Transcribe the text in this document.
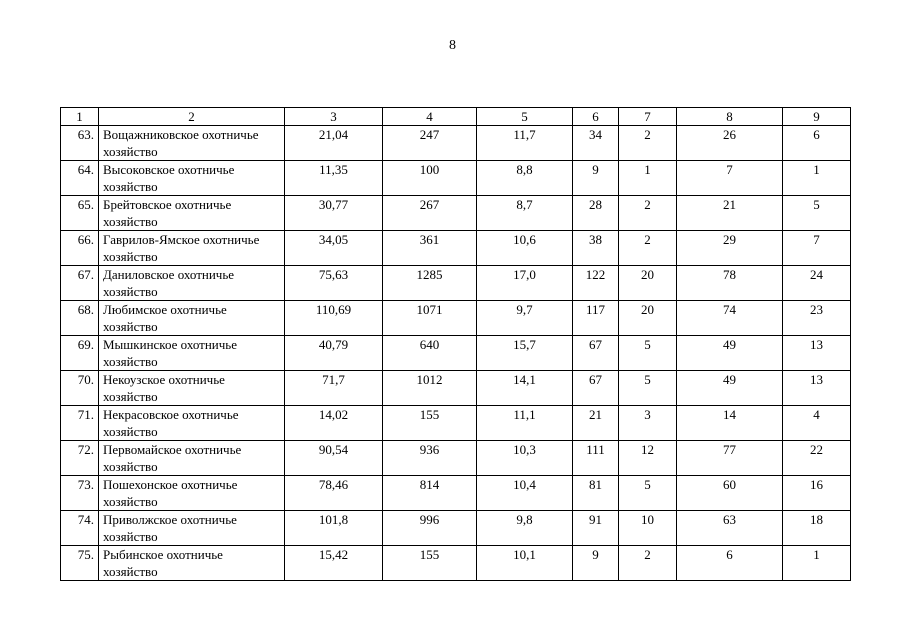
8
1	2	3	4	5	6	7	8	9
63.	Вощажниковское охотничье хозяйство	21,04	247	11,7	34	2	26	6
64.	Высоковское охотничье хозяйство	11,35	100	8,8	9	1	7	1
65.	Брейтовское охотничье хозяйство	30,77	267	8,7	28	2	21	5
66.	Гаврилов-Ямское охотничье хозяйство	34,05	361	10,6	38	2	29	7
67.	Даниловское охотничье хозяйство	75,63	1285	17,0	122	20	78	24
68.	Любимское охотничье хозяйство	110,69	1071	9,7	117	20	74	23
69.	Мышкинское охотничье хозяйство	40,79	640	15,7	67	5	49	13
70.	Некоузское охотничье хозяйство	71,7	1012	14,1	67	5	49	13
71.	Некрасовское охотничье хозяйство	14,02	155	11,1	21	3	14	4
72.	Первомайское охотничье хозяйство	90,54	936	10,3	111	12	77	22
73.	Пошехонское охотничье хозяйство	78,46	814	10,4	81	5	60	16
74.	Приволжское охотничье хозяйство	101,8	996	9,8	91	10	63	18
75.	Рыбинское охотничье хозяйство	15,42	155	10,1	9	2	6	1
